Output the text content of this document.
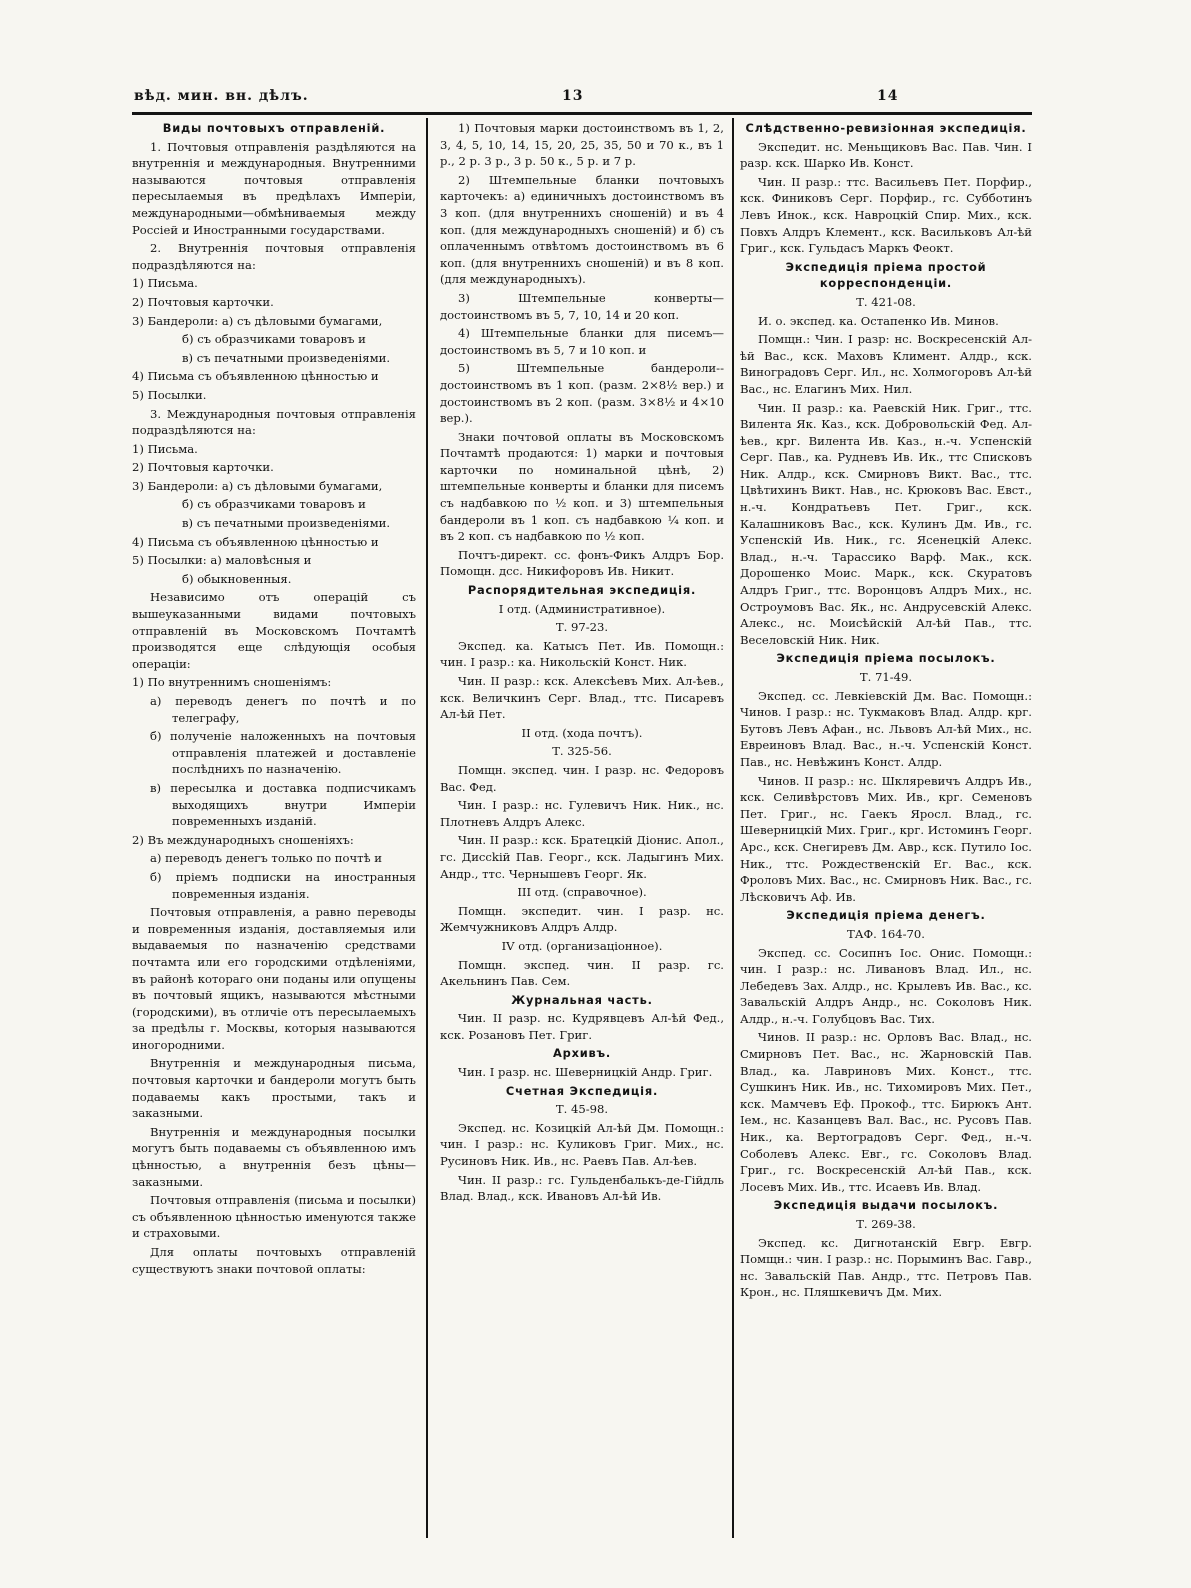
вѣд. мин. вн. дѣлъ.	13	14

Виды почтовыхъ отправленій.

1. Почтовыя отправленія раздѣляются на внутреннія и международныя. Внутренними называются почтовыя отправленія пересылаемыя въ предѣлахъ Имперіи, международными—обмѣниваемыя между Россіей и Иностранными государствами.

2. Внутреннія почтовыя отправленія подраздѣляются на:

1) Письма.

2) Почтовыя карточки.

3) Бандероли: а) съ дѣловыми бумагами,

б) съ образчиками товаровъ и

в) съ печатными произведеніями.

4) Письма съ объявленною цѣнностью и

5) Посылки.

3. Международныя почтовыя отправленія подраздѣляются на:

1) Письма.

2) Почтовыя карточки.

3) Бандероли: а) съ дѣловыми бумагами,

б) съ образчиками товаровъ и

в) съ печатными произведеніями.

4) Письма съ объявленною цѣнностью и

5) Посылки: а) маловѣсныя и

б) обыкновенныя.

Независимо отъ операцій съ вышеуказанными видами почтовыхъ отправленій въ Московскомъ Почтамтѣ производятся еще слѣдующія особыя операціи:

1) По внутреннимъ сношеніямъ:

а) переводъ денегъ по почтѣ и по телеграфу,

б) полученіе наложенныхъ на почтовыя отправленія платежей и доставленіе послѣднихъ по назначенію.

в) пересылка и доставка подписчикамъ выходящихъ внутри Имперіи повременныхъ изданій.

2) Въ международныхъ сношеніяхъ:

а) переводъ денегъ только по почтѣ и

б) пріемъ подписки на иностранныя повременныя изданія.

Почтовыя отправленія, а равно переводы и повременныя изданія, доставляемыя или выдаваемыя по назначенію средствами почтамта или его городскими отдѣленіями, въ районѣ котораго они поданы или опущены въ почтовый ящикъ, называются мѣстными (городскими), въ отличіе отъ пересылаемыхъ за предѣлы г. Москвы, которыя называются иногородними.

Внутреннія и международныя письма, почтовыя карточки и бандероли могутъ быть подаваемы какъ простыми, такъ и заказными.

Внутреннія и международныя посылки могутъ быть подаваемы съ объявленною имъ цѣнностью, а внутреннія безъ цѣны—заказными.

Почтовыя отправленія (письма и посылки) съ объявленною цѣнностью именуются также и страховыми.

Для оплаты почтовыхъ отправленій существуютъ знаки почтовой оплаты:

1) Почтовыя марки достоинствомъ въ 1, 2, 3, 4, 5, 10, 14, 15, 20, 25, 35, 50 и 70 к., въ 1 р., 2 р. 3 р., 3 р. 50 к., 5 р. и 7 р.

2) Штемпельные бланки почтовыхъ карточекъ: а) единичныхъ достоинствомъ въ 3 коп. (для внутреннихъ сношеній) и въ 4 коп. (для международныхъ сношеній) и б) съ оплаченнымъ отвѣтомъ достоинствомъ въ 6 коп. (для внутреннихъ сношеній) и въ 8 коп. (для международныхъ).

3) Штемпельные конверты—достоинствомъ въ 5, 7, 10, 14 и 20 коп.

4) Штемпельные бланки для писемъ—достоинствомъ въ 5, 7 и 10 коп. и

5) Штемпельные бандероли--достоинствомъ въ 1 коп. (разм. 2×8½ вер.) и достоинствомъ въ 2 коп. (разм. 3×8½ и 4×10 вер.).

Знаки почтовой оплаты въ Московскомъ Почтамтѣ продаются: 1) марки и почтовыя карточки по номинальной цѣнѣ, 2) штемпельные конверты и бланки для писемъ съ надбавкою по ½ коп. и 3) штемпельныя бандероли въ 1 коп. съ надбавкою ¼ коп. и въ 2 коп. съ надбавкою по ½ коп.

Почтъ-директ. сс. фонъ-Фикъ Алдръ Бор. Помощн. дсс. Никифоровъ Ив. Никит.

Распорядительная экспедиція.

I отд. (Административное).

Т. 97-23.

Экспед. ка. Катысъ Пет. Ив. Помощн.: чин. I разр.: ка. Никольскій Конст. Ник.

Чин. II разр.: кск. Алексѣевъ Мих. Ал-ѣев., кск. Величкинъ Серг. Влад., ттс. Писаревъ Ал-ѣй Пет.

II отд. (хода почтъ).

Т. 325-56.

Помщн. экспед. чин. I разр. нс. Федоровъ Вас. Фед.

Чин. I разр.: нс. Гулевичъ Ник. Ник., нс. Плотневъ Алдръ Алекс.

Чин. II разр.: кск. Братецкій Діонис. Апол., гс. Диссkій Пав. Георг., кск. Ладыгинъ Мих. Андр., ттс. Чернышевъ Георг. Як.

III отд. (справочное).

Помщн. экспедит. чин. I разр. нс. Жемчужниковъ Алдръ Алдр.

IV отд. (организаціонное).

Помщн. экспед. чин. II разр. гс. Акельнинъ Пав. Сем.

Журнальная часть.

Чин. II разр. нс. Кудрявцевъ Ал-ѣй Фед., кск. Розановъ Пет. Григ.

Архивъ.

Чин. I разр. нс. Шеверницкій Андр. Григ.

Счетная Экспедиція.

Т. 45-98.

Экспед. нс. Козицкій Ал-ѣй Дм. Помощн.: чин. I разр.: нс. Куликовъ Григ. Мих., нс. Русиновъ Ник. Ив., нс. Раевъ Пав. Ал-ѣев.

Чин. II разр.: гс. Гульденбалькъ-де-Гійдль Влад. Влад., кск. Ивановъ Ал-ѣй Ив.

Слѣдственно-ревизіонная экспедиція.

Экспедит. нс. Меньщиковъ Вас. Пав. Чин. I разр. кск. Шарко Ив. Конст.

Чин. II разр.: ттс. Васильевъ Пет. Порфир., кск. Финиковъ Серг. Порфир., гс. Субботинъ Левъ Инок., кск. Навроцкій Спир. Мих., кск. Повхъ Алдръ Клемент., кск. Васильковъ Ал-ѣй Григ., кск. Гульдасъ Маркъ Феокт.

Экспедиція пріема простой корреспонденціи.

Т. 421-08.

И. о. экспед. ка. Остапенко Ив. Минов.

Помщн.: Чин. I разр: нс. Воскресенскій Ал-ѣй Вас., кск. Маховъ Климент. Алдр., кск. Виноградовъ Серг. Ил., нс. Холмогоровъ Ал-ѣй Вас., нс. Елагинъ Мих. Нил.

Чин. II разр.: ка. Раевскій Ник. Григ., ттс. Вилента Як. Каз., кск. Добровольскій Фед. Ал-ѣев., крг. Вилента Ив. Каз., н.-ч. Успенскій Серг. Пав., ка. Рудневъ Ив. Ик., ттс Списковъ Ник. Алдр., кск. Смирновъ Викт. Вас., ттс. Цвѣтихинъ Викт. Нав., нс. Крюковъ Вас. Евст., н.-ч. Кондратьевъ Пет. Григ., кск. Калашниковъ Вас., кск. Кулинъ Дм. Ив., гс. Успенскій Ив. Ник., гс. Ясенецкій Алекс. Влад., н.-ч. Тарассикo Варф. Мак., кск. Дорошенко Моис. Марк., кск. Скуратовъ Алдръ Григ., ттс. Воронцовъ Алдръ Мих., нс. Остроумовъ Вас. Як., нс. Андрусевскій Алекс. Алекс., нс. Моисѣйскій Ал-ѣй Пав., ттс. Веселовскій Ник. Ник.

Экспедиція пріема посылокъ.

Т. 71-49.

Экспед. сс. Левкіевскій Дм. Вас. Помощн.: Чинов. I разр.: нс. Тукмаковъ Влад. Алдр. крг. Бутовъ Левъ Афан., нс. Львовъ Ал-ѣй Мих., нс. Евреиновъ Влад. Вас., н.-ч. Успенскій Конст. Пав., нс. Невѣжинъ Конст. Алдр.

Чинов. II разр.: нс. Шкляревичъ Алдръ Ив., кск. Селивѣрстовъ Мих. Ив., крг. Семеновъ Пет. Григ., нс. Гаекъ Яросл. Влад., гс. Шеверницкій Мих. Григ., крг. Истоминъ Георг. Арс., кск. Снегиревъ Дм. Авр., кск. Путило Іос. Ник., ттс. Рождественскій Ег. Вас., кск. Фроловъ Мих. Вас., нс. Смирновъ Ник. Вас., гс. Лѣсковичъ Аф. Ив.

Экспедиція пріема денегъ.

ТАФ. 164-70.

Экспед. сс. Сосипнъ Іос. Онис. Помощн.: чин. I разр.: нс. Ливановъ Влад. Ил., нс. Лебедевъ Зах. Алдр., нс. Крылевъ Ив. Вас., кс. Завальскій Алдръ Андр., нс. Соколовъ Ник. Алдр., н.-ч. Голубцовъ Вас. Тих.

Чинов. II разр.: нс. Орловъ Вас. Влад., нс. Смирновъ Пет. Вас., нс. Жарновскій Пав. Влад., ка. Лавриновъ Мих. Конст., ттс. Сушкинъ Ник. Ив., нс. Тихомировъ Мих. Пет., кск. Мамчевъ Еф. Прокоф., ттс. Бирюкъ Ант. Іем., нс. Казанцевъ Вал. Вас., нс. Русовъ Пав. Ник., ка. Вертоградовъ Серг. Фед., н.-ч. Соболевъ Алекс. Евг., гс. Соколовъ Влад. Григ., гс. Воскресенскій Ал-ѣй Пав., кск. Лосевъ Мих. Ив., ттс. Исаевъ Ив. Влад.

Экспедиція выдачи посылокъ.

Т. 269-38.

Экспед. кс. Дигнотанскій Евгр. Евгр. Помщн.: чин. I разр.: нс. Порыминъ Вас. Гавр., нс. Завальскій Пав. Андр., ттс. Петровъ Пав. Крон., нс. Пляшкевичъ Дм. Мих.
